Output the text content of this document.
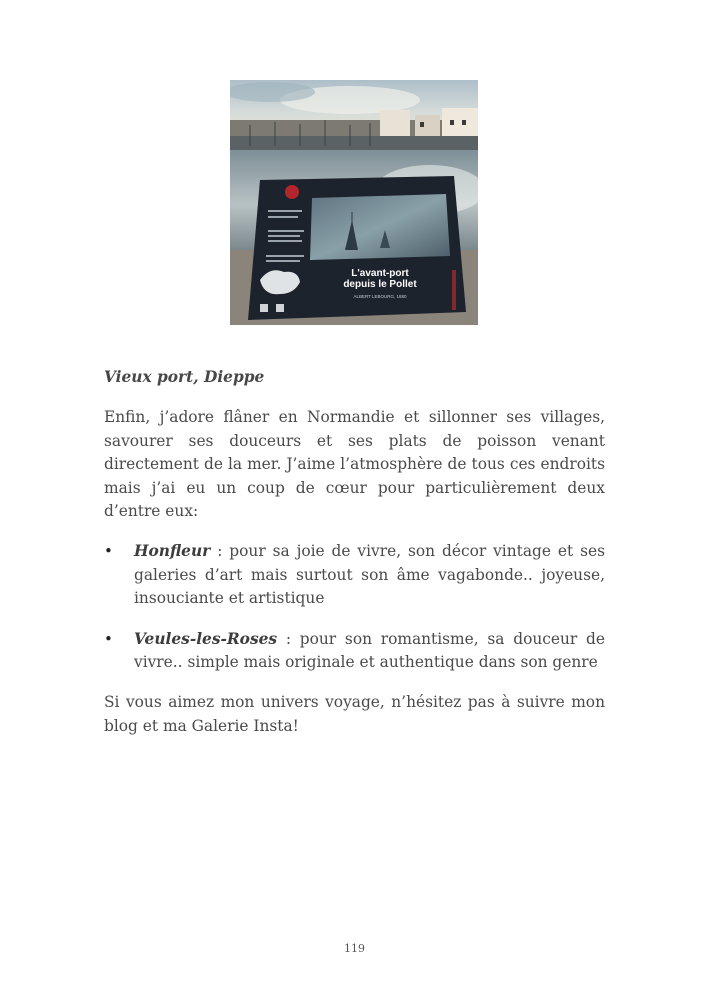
L'avant-port
depuis le Pollet
ALBERT LEBOURG, 1880

Vieux port, Dieppe

Enfin, j’adore flâner en Normandie et sillonner ses villages, savourer ses douceurs et ses plats de poisson venant directement de la mer. J’aime l’atmosphère de tous ces endroits mais j’ai eu un coup de cœur pour particulièrement deux d’entre eux:

• Honfleur : pour sa joie de vivre, son décor vintage et ses galeries d’art mais surtout son âme vagabonde.. joyeuse, insouciante et artistique
• Veules-les-Roses : pour son romantisme, sa douceur de vivre.. simple mais originale et authentique dans son genre

Si vous aimez mon univers voyage, n’hésitez pas à suivre mon blog et ma Galerie Insta!

119
